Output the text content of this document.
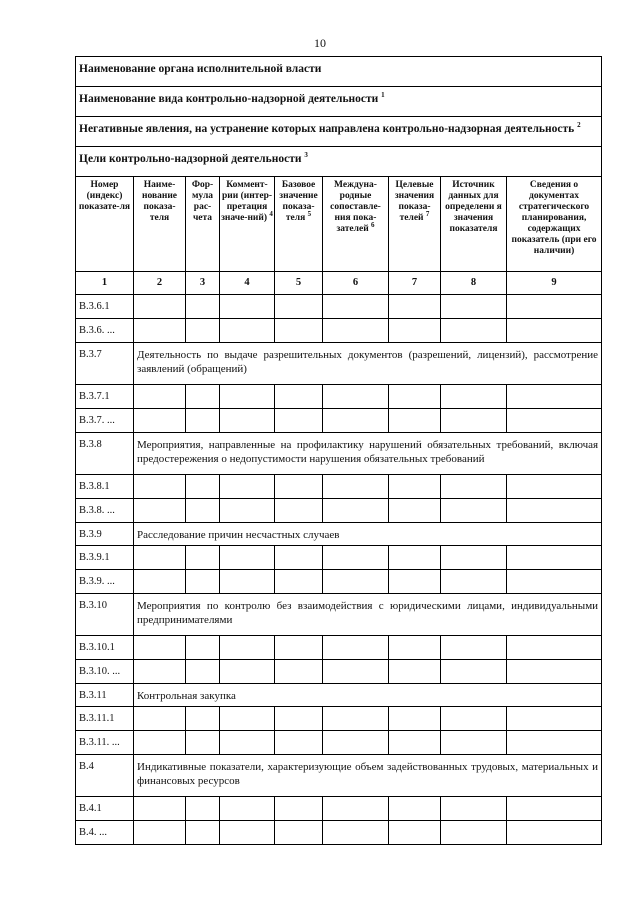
10
Наименование органа исполнительной власти								
Наименование вида контрольно-надзорной деятельности $^1$
Негативные явления, на устранение которых направлена контрольно-надзорная деятельность $^2$
Цели контрольно-надзорной деятельности $^3$
Номер (индекс) показате-ля	Наиме-нование показа-теля	Фор-мула рас-чета	Коммент-рии (интер-претация значе-ний) $^4$	Базовое значение показа-теля $^5$	Междуна-родные сопоставле-ния пока-зателей $^6$	Целевые значения показа-телей $^7$	Источник данных для определени я значения показателя	Сведения о документах стратегического планирования, содержащих показатель (при его наличии)
1	2	3	4	5	6	7	8	9
В.3.6.1								
В.3.6. ...								
В.3.7	Деятельность по выдаче разрешительных документов (разрешений, лицензий), рассмотрение заявлений (обращений)							
В.3.7.1								
В.3.7. ...								
В.3.8	Мероприятия, направленные на профилактику нарушений обязательных требований, включая предостережения о недопустимости нарушения обязательных требований							
В.3.8.1								
В.3.8. ...								
В.3.9	Расследование причин несчастных случаев							
В.3.9.1								
В.3.9. ...								
В.3.10	Мероприятия по контролю без взаимодействия с юридическими лицами, индивидуальными предпринимателями							
В.3.10.1								
В.3.10. ...								
В.3.11	Контрольная закупка							
В.3.11.1								
В.3.11. ...								
В.4	Индикативные показатели, характеризующие объем задействованных трудовых, материальных и финансовых ресурсов							
В.4.1								
В.4. ...								
